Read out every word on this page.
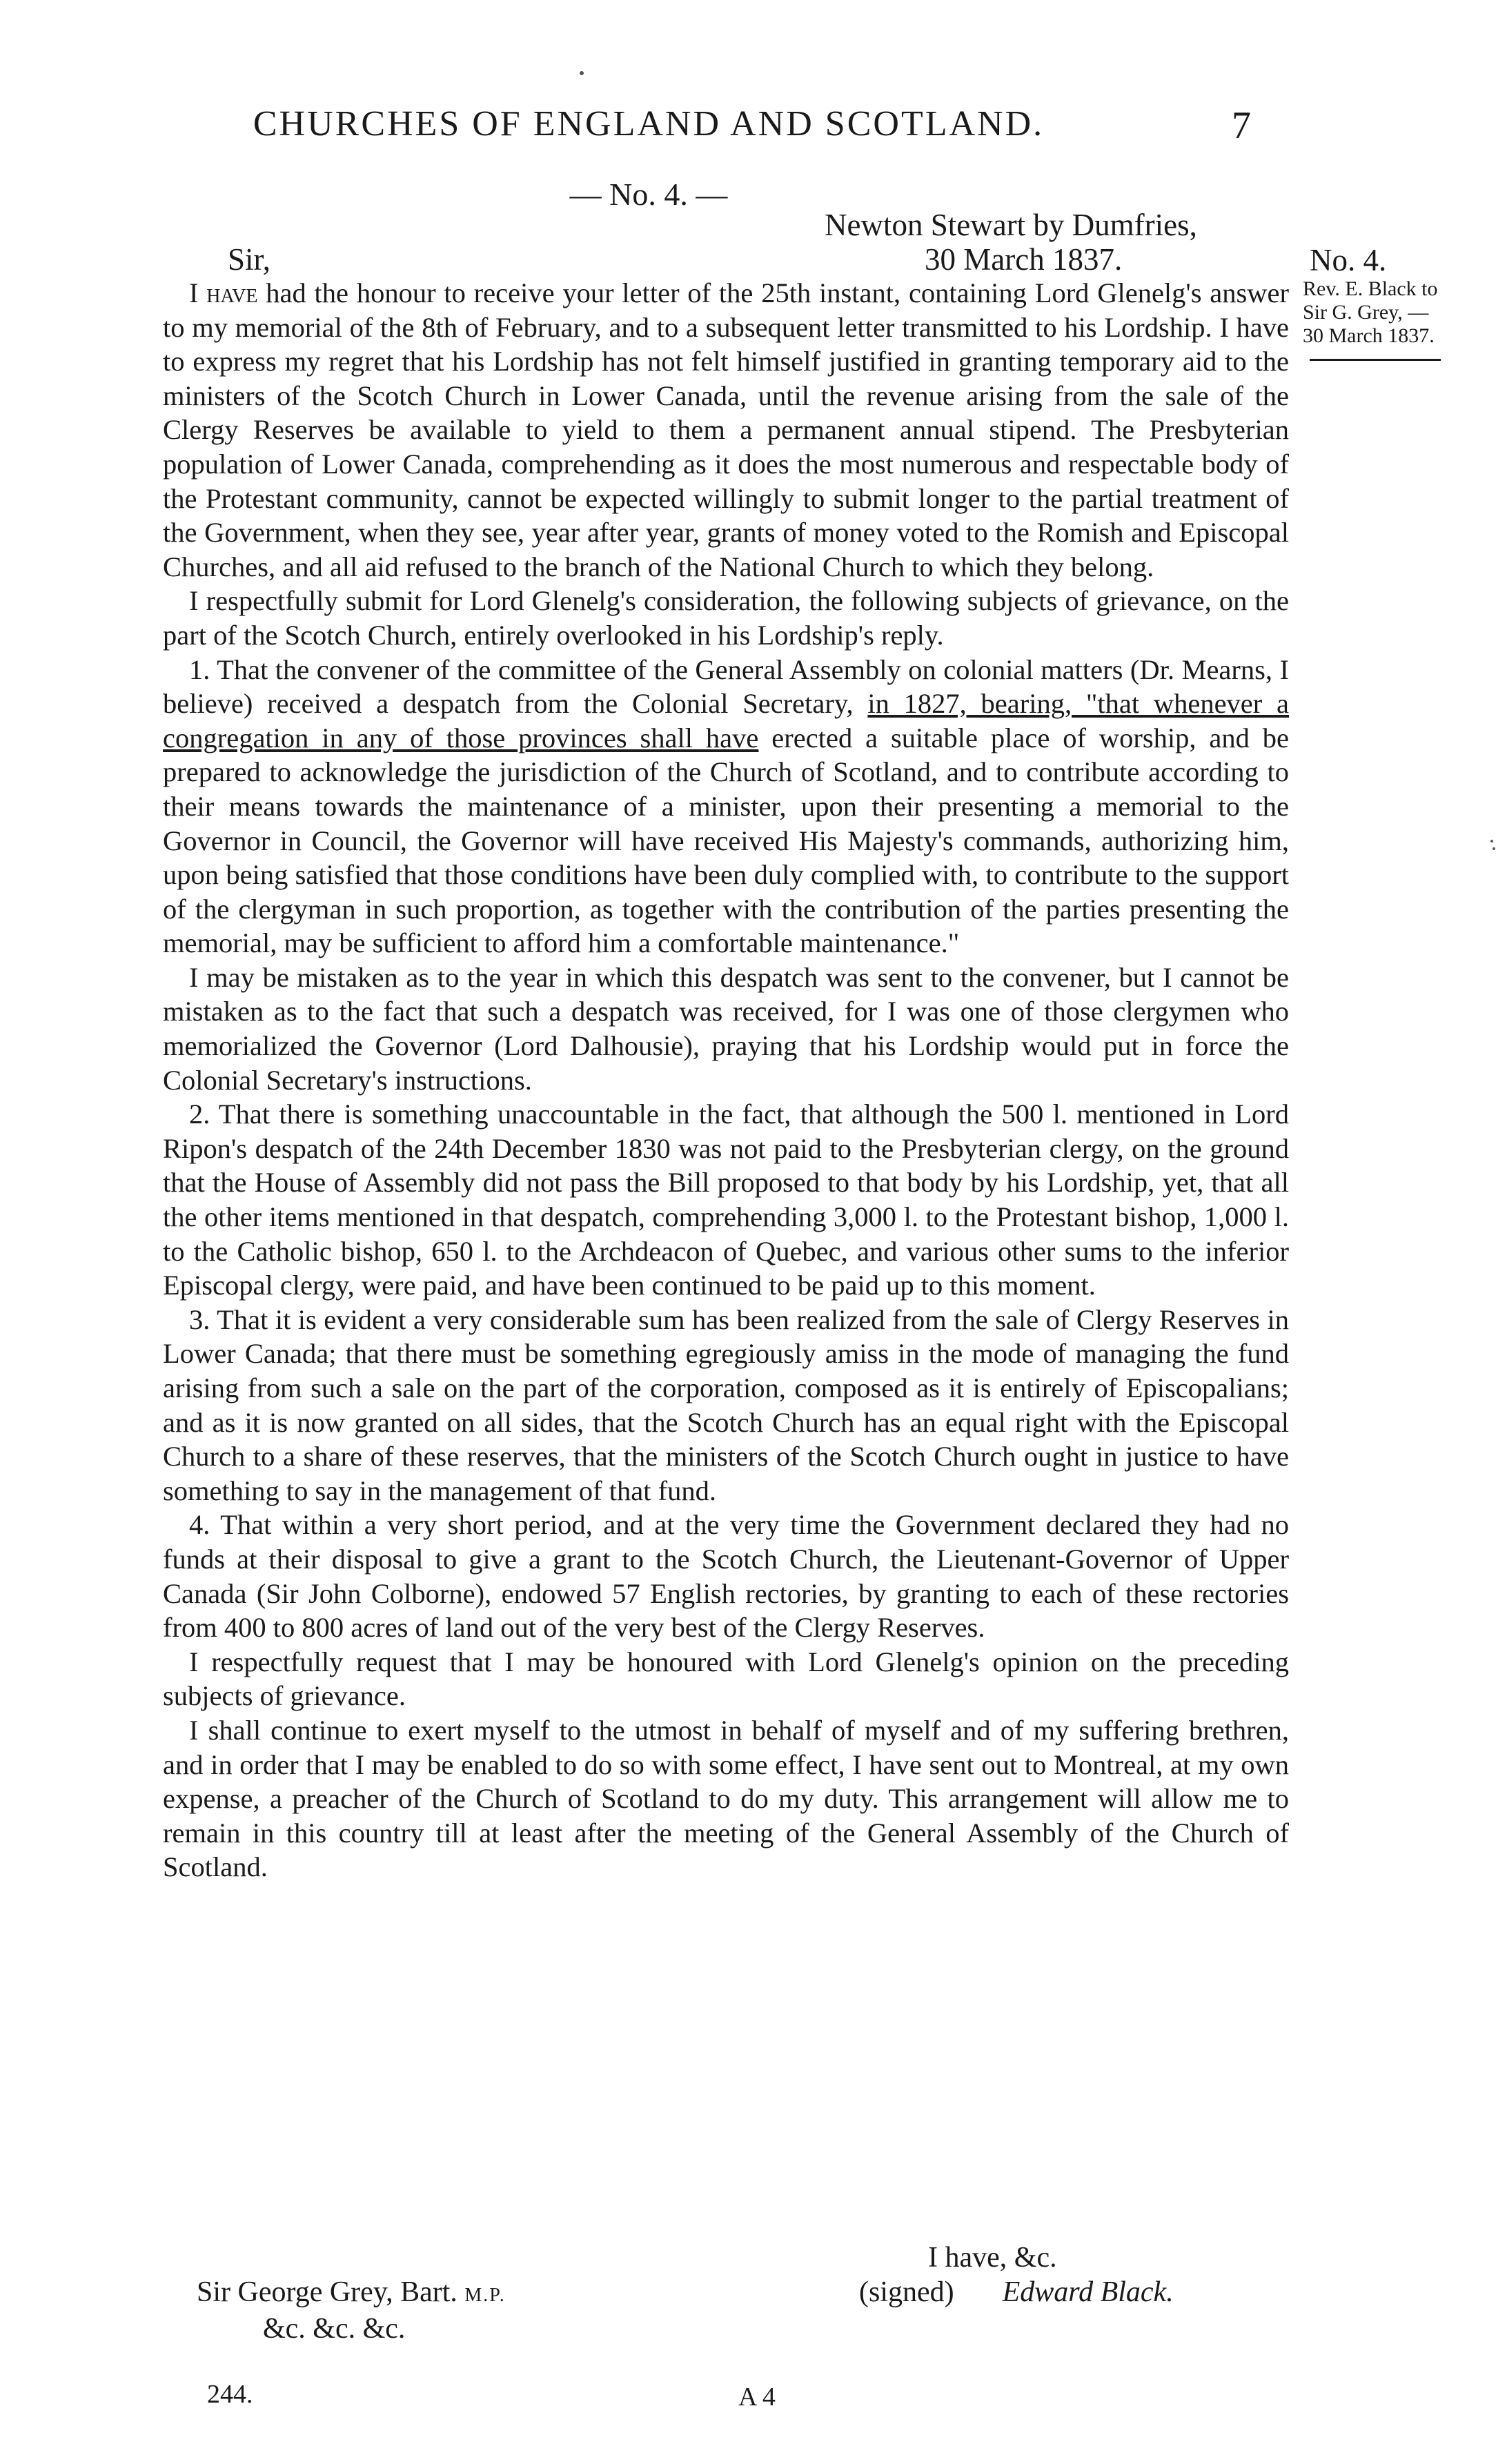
CHURCHES OF ENGLAND AND SCOTLAND.	7
— No. 4. —
Newton Stewart by Dumfries,
Sir,	30 March 1837.	No. 4.
Rev. E. Black to
Sir G. Grey, —
30 March 1837.

I have had the honour to receive your letter of the 25th instant, containing Lord Glenelg's answer to my memorial of the 8th of February, and to a subsequent letter transmitted to his Lordship. I have to express my regret that his Lordship has not felt himself justified in granting temporary aid to the ministers of the Scotch Church in Lower Canada, until the revenue arising from the sale of the Clergy Reserves be available to yield to them a permanent annual stipend. The Presbyterian population of Lower Canada, comprehending as it does the most numerous and respectable body of the Protestant community, cannot be expected willingly to submit longer to the partial treatment of the Government, when they see, year after year, grants of money voted to the Romish and Episcopal Churches, and all aid refused to the branch of the National Church to which they belong.

I respectfully submit for Lord Glenelg's consideration, the following subjects of grievance, on the part of the Scotch Church, entirely overlooked in his Lordship's reply.

1. That the convener of the committee of the General Assembly on colonial matters (Dr. Mearns, I believe) received a despatch from the Colonial Secretary, in 1827, bearing, "that whenever a congregation in any of those provinces shall have erected a suitable place of worship, and be prepared to acknowledge the jurisdiction of the Church of Scotland, and to contribute according to their means towards the maintenance of a minister, upon their presenting a memorial to the Governor in Council, the Governor will have received His Majesty's commands, authorizing him, upon being satisfied that those conditions have been duly complied with, to contribute to the support of the clergyman in such proportion, as together with the contribution of the parties presenting the memorial, may be sufficient to afford him a comfortable maintenance."

I may be mistaken as to the year in which this despatch was sent to the convener, but I cannot be mistaken as to the fact that such a despatch was received, for I was one of those clergymen who memorialized the Governor (Lord Dalhousie), praying that his Lordship would put in force the Colonial Secretary's instructions.

2. That there is something unaccountable in the fact, that although the 500 l. mentioned in Lord Ripon's despatch of the 24th December 1830 was not paid to the Presbyterian clergy, on the ground that the House of Assembly did not pass the Bill proposed to that body by his Lordship, yet, that all the other items mentioned in that despatch, comprehending 3,000 l. to the Protestant bishop, 1,000 l. to the Catholic bishop, 650 l. to the Archdeacon of Quebec, and various other sums to the inferior Episcopal clergy, were paid, and have been continued to be paid up to this moment.

3. That it is evident a very considerable sum has been realized from the sale of Clergy Reserves in Lower Canada; that there must be something egregiously amiss in the mode of managing the fund arising from such a sale on the part of the corporation, composed as it is entirely of Episcopalians; and as it is now granted on all sides, that the Scotch Church has an equal right with the Episcopal Church to a share of these reserves, that the ministers of the Scotch Church ought in justice to have something to say in the management of that fund.

4. That within a very short period, and at the very time the Government declared they had no funds at their disposal to give a grant to the Scotch Church, the Lieutenant-Governor of Upper Canada (Sir John Colborne), endowed 57 English rectories, by granting to each of these rectories from 400 to 800 acres of land out of the very best of the Clergy Reserves.

I respectfully request that I may be honoured with Lord Glenelg's opinion on the preceding subjects of grievance.

I shall continue to exert myself to the utmost in behalf of myself and of my suffering brethren, and in order that I may be enabled to do so with some effect, I have sent out to Montreal, at my own expense, a preacher of the Church of Scotland to do my duty. This arrangement will allow me to remain in this country till at least after the meeting of the General Assembly of the Church of Scotland.

I have, &c.
(signed) Edward Black.
Sir George Grey, Bart. M.P.
&c. &c. &c.
244.	A 4
